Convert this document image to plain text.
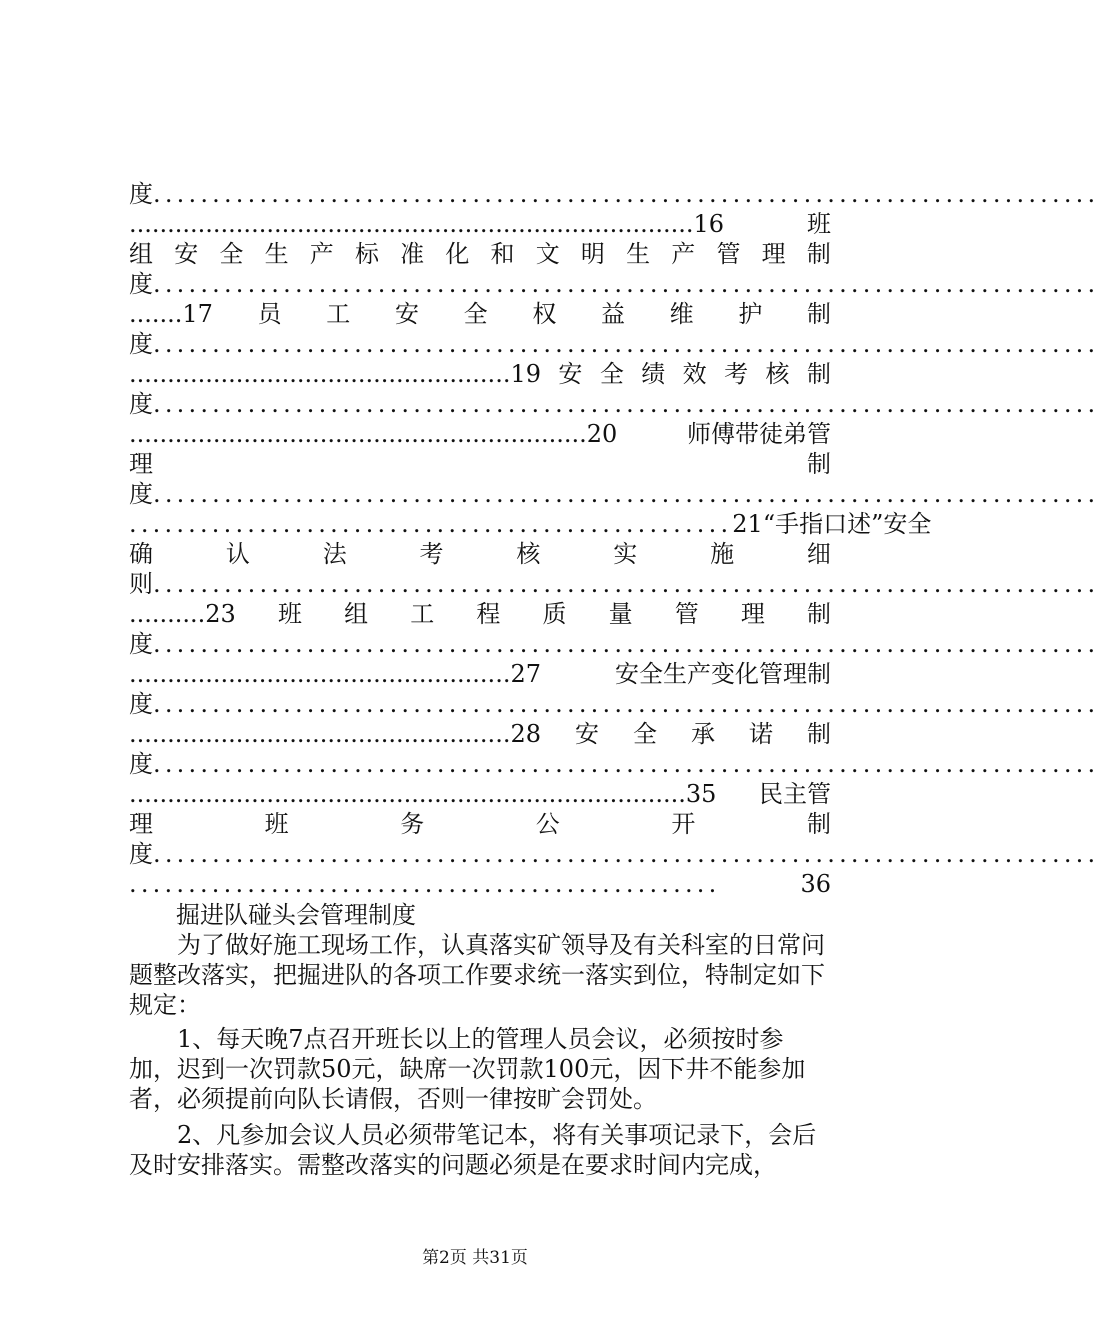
度 ................................................................................
..........................................................................16	班
组 安 全 生 产 标 准 化 和 文 明 生 产 管 理 制
度 ................................................................................
.......17 员 工 安 全 权 益 维 护 制
度 ................................................................................
..................................................19 安 全 绩 效 考 核 制
度 ................................................................................
............................................................20	师傅带徒弟管
理	制
度 ................................................................................
................................................... 21“手指口述”安全
确	认	法	考	核	实	施	细
则 ................................................................................
..........23 班 组 工 程 质 量 管 理 制
度 ................................................................................
..................................................27	安全生产变化管理制
度 ................................................................................
..................................................28 安 全 承 诺 制
度 ................................................................................
.........................................................................35 民主管
理	班	务	公	开	制
度 ................................................................................
..................................................	36
掘进队碰头会管理制度
为了做好施工现场工作，认真落实矿领导及有关科室的日常问题整改落实，把掘进队的各项工作要求统一落实到位，特制定如下规定：
1、每天晚7点召开班长以上的管理人员会议，必须按时参加，迟到一次罚款50元，缺席一次罚款100元，因下井不能参加者，必须提前向队长请假，否则一律按旷会罚处。
2、凡参加会议人员必须带笔记本，将有关事项记录下，会后及时安排落实。需整改落实的问题必须是在要求时间内完成，
第2页 共31页
